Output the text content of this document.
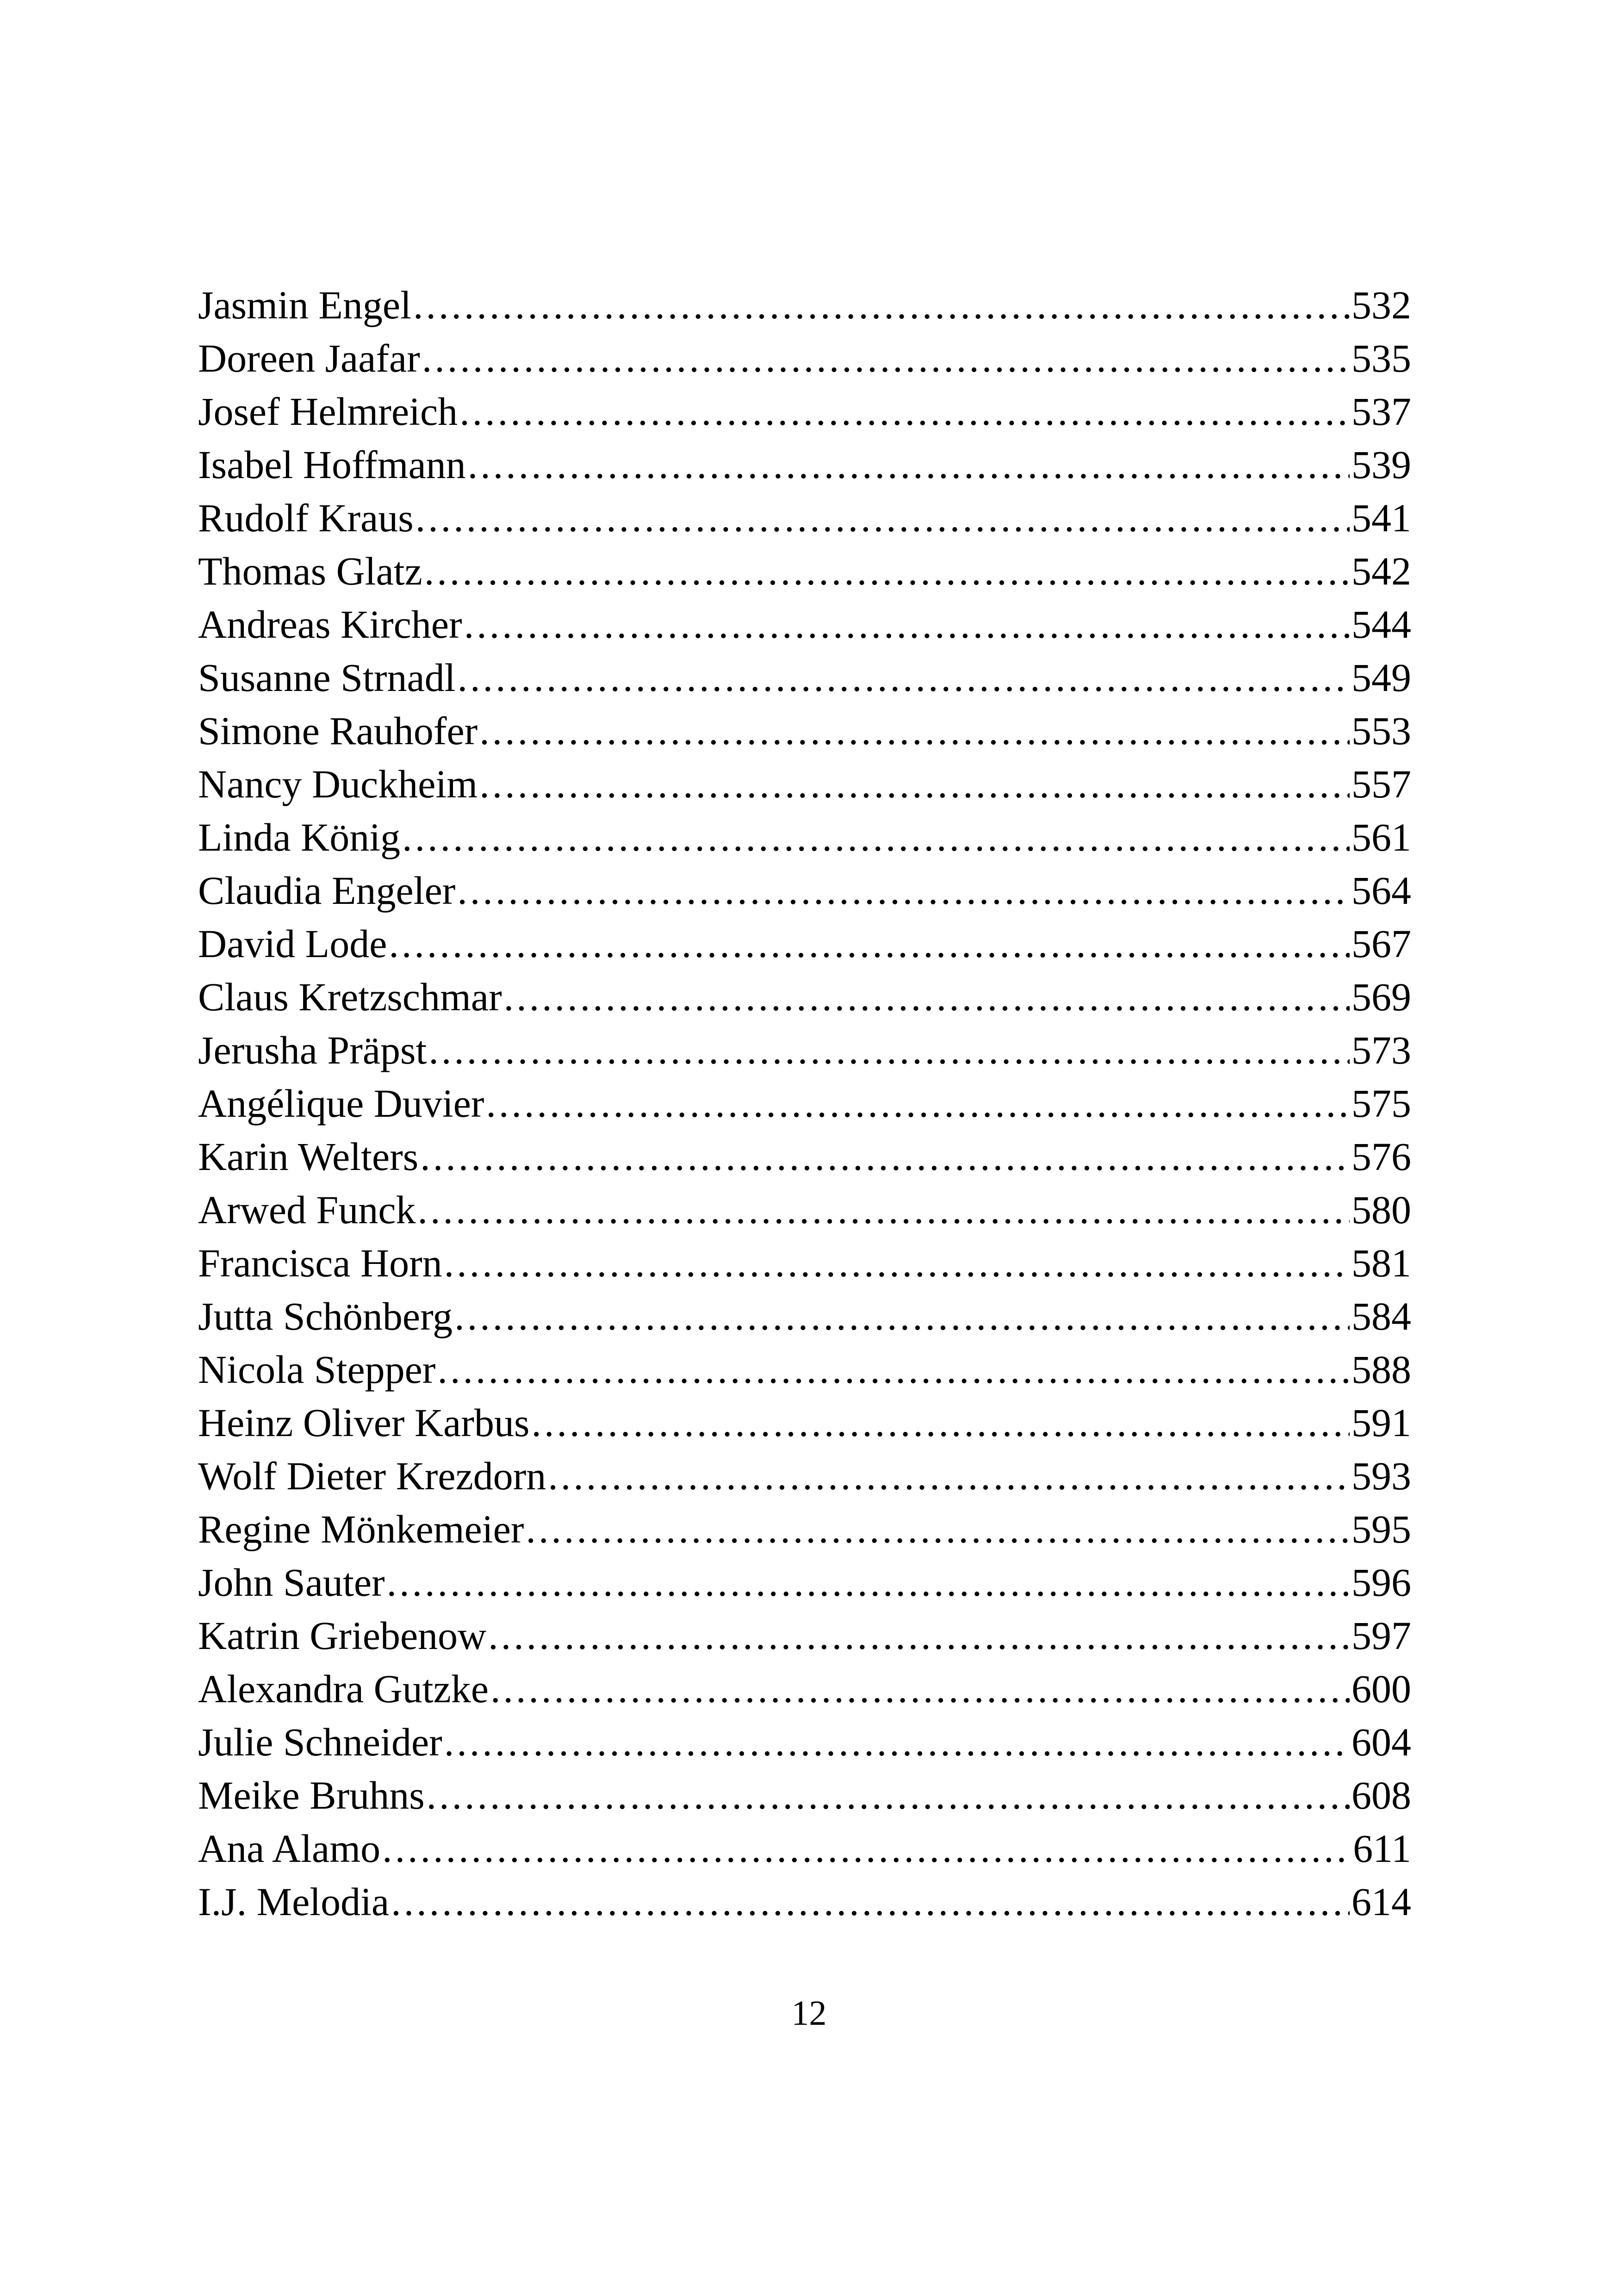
Jasmin Engel .....	532
Doreen Jaafar .....	535
Josef Helmreich .....	537
Isabel Hoffmann .....	539
Rudolf Kraus .....	541
Thomas Glatz .....	542
Andreas Kircher .....	544
Susanne Strnadl .....	549
Simone Rauhofer .....	553
Nancy Duckheim .....	557
Linda König .....	561
Claudia Engeler .....	564
David Lode .....	567
Claus Kretzschmar .....	569
Jerusha Präpst .....	573
Angélique Duvier .....	575
Karin Welters .....	576
Arwed Funck .....	580
Francisca Horn .....	581
Jutta Schönberg .....	584
Nicola Stepper .....	588
Heinz Oliver Karbus .....	591
Wolf Dieter Krezdorn .....	593
Regine Mönkemeier .....	595
John Sauter .....	596
Katrin Griebenow .....	597
Alexandra Gutzke .....	600
Julie Schneider .....	604
Meike Bruhns .....	608
Ana Alamo .....	611
I.J. Melodia .....	614
12
